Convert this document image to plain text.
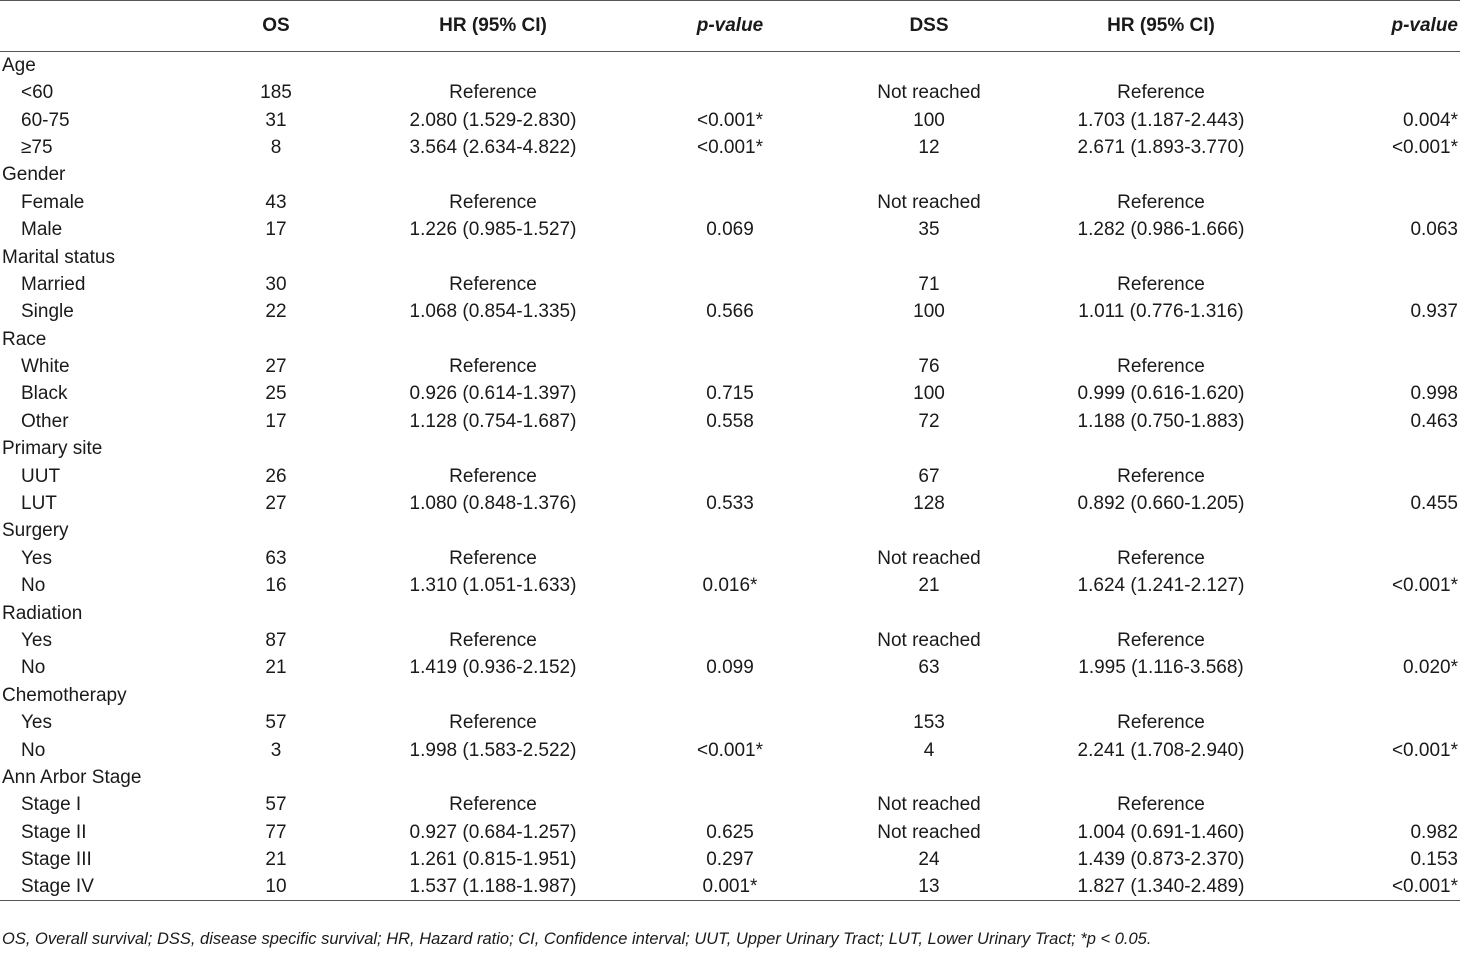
	OS	HR (95% CI)	p-value	DSS	HR (95% CI)	p-value
Age						
<60	185	Reference		Not reached	Reference	
60-75	31	2.080 (1.529-2.830)	<0.001*	100	1.703 (1.187-2.443)	0.004*
≥75	8	3.564 (2.634-4.822)	<0.001*	12	2.671 (1.893-3.770)	<0.001*
Gender						
Female	43	Reference		Not reached	Reference	
Male	17	1.226 (0.985-1.527)	0.069	35	1.282 (0.986-1.666)	0.063
Marital status						
Married	30	Reference		71	Reference	
Single	22	1.068 (0.854-1.335)	0.566	100	1.011 (0.776-1.316)	0.937
Race						
White	27	Reference		76	Reference	
Black	25	0.926 (0.614-1.397)	0.715	100	0.999 (0.616-1.620)	0.998
Other	17	1.128 (0.754-1.687)	0.558	72	1.188 (0.750-1.883)	0.463
Primary site						
UUT	26	Reference		67	Reference	
LUT	27	1.080 (0.848-1.376)	0.533	128	0.892 (0.660-1.205)	0.455
Surgery						
Yes	63	Reference		Not reached	Reference	
No	16	1.310 (1.051-1.633)	0.016*	21	1.624 (1.241-2.127)	<0.001*
Radiation						
Yes	87	Reference		Not reached	Reference	
No	21	1.419 (0.936-2.152)	0.099	63	1.995 (1.116-3.568)	0.020*
Chemotherapy						
Yes	57	Reference		153	Reference	
No	3	1.998 (1.583-2.522)	<0.001*	4	2.241 (1.708-2.940)	<0.001*
Ann Arbor Stage						
Stage I	57	Reference		Not reached	Reference	
Stage II	77	0.927 (0.684-1.257)	0.625	Not reached	1.004 (0.691-1.460)	0.982
Stage III	21	1.261 (0.815-1.951)	0.297	24	1.439 (0.873-2.370)	0.153
Stage IV	10	1.537 (1.188-1.987)	0.001*	13	1.827 (1.340-2.489)	<0.001*
OS, Overall survival; DSS, disease specific survival; HR, Hazard ratio; CI, Confidence interval; UUT, Upper Urinary Tract; LUT, Lower Urinary Tract; *p < 0.05.
